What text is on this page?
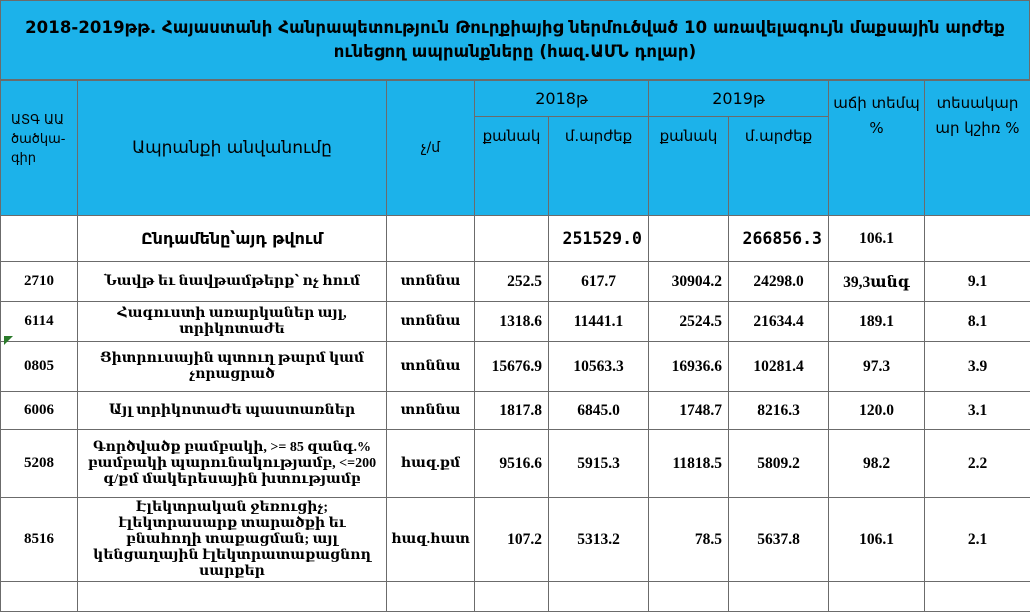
2018-2019թթ. Հայաստանի Հանրապետություն Թուրքիայից ներմուծված 10 առավելագույն մաքսային արժեք
ունեցող ապրանքները (հազ.ԱՄՆ դոլար)
ԱՏԳ ԱԱ ծածկա- գիր	Ապրանքի անվանումը	չ/մ	2018թ		2019թ		աճի տեմպ %	տեսակար ար կշիռ %
			քանակ	մ.արժեք	քանակ	մ.արժեք		
	Ընդամենը՝այդ թվում			251529.0		266856.3	106.1	
2710	Նավթ եւ նավթամթերք՝ ոչ հում	տոննա	252.5	617.7	30904.2	24298.0	39,3անգ	9.1
6114	Հագուստի առարկաներ այլ, տրիկոտաժե	տոննա	1318.6	11441.1	2524.5	21634.4	189.1	8.1
0805	Ցիտրուսային պտուղ թարմ կամ չորացրած	տոննա	15676.9	10563.3	16936.6	10281.4	97.3	3.9
6006	Այլ տրիկոտաժե պաստառներ	տոննա	1817.8	6845.0	1748.7	8216.3	120.0	3.1
5208	Գործվածք բամբակի, >= 85 զանգ.% բամբակի պարունակությամբ, <=200 գ/քմ մակերեսային խտությամբ	հազ.քմ	9516.6	5915.3	11818.5	5809.2	98.2	2.2
8516	Էլեկտրական ջեռուցիչ; էլեկտրասարք տարածքի եւ բնահողի տաքացման; այլ կենցաղային էլեկտրատաքացնող սարքեր	հազ.հատ	107.2	5313.2	78.5	5637.8	106.1	2.1
